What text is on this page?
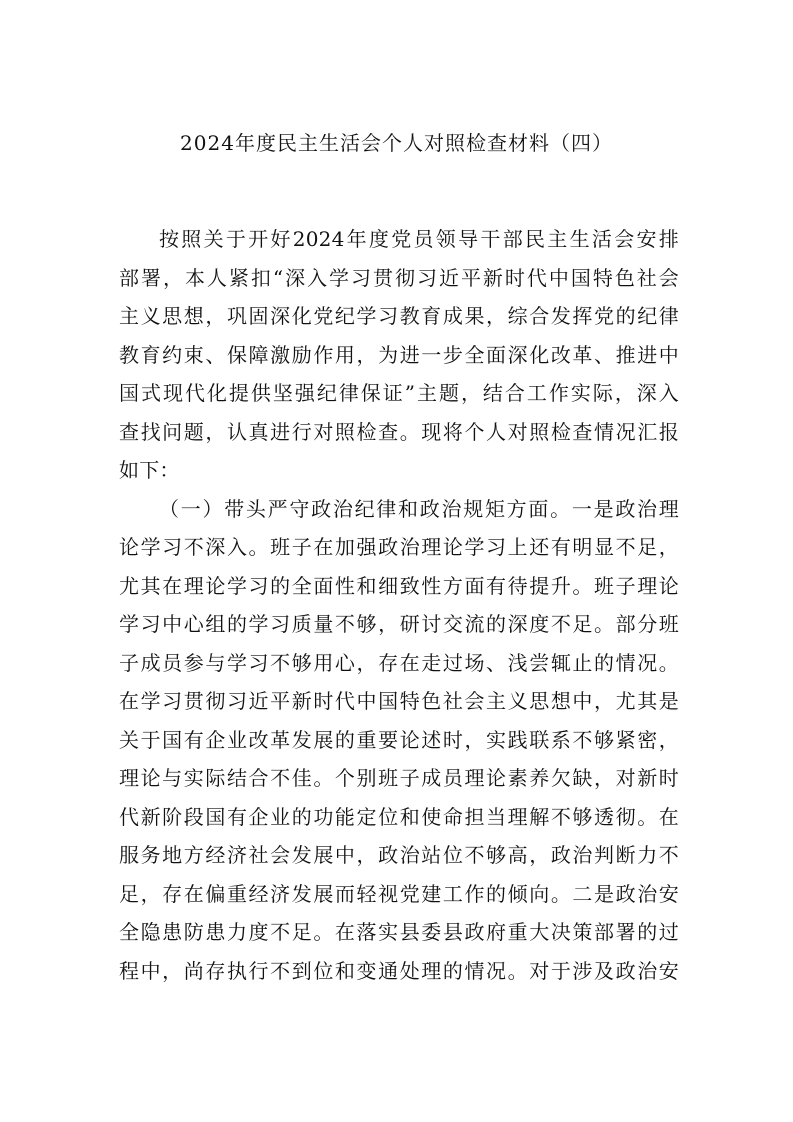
2024年度民主生活会个人对照检查材料（四）
按照关于开好2024年度党员领导干部民主生活会安排
部署，本人紧扣“深入学习贯彻习近平新时代中国特色社会
主义思想，巩固深化党纪学习教育成果，综合发挥党的纪律
教育约束、保障激励作用，为进一步全面深化改革、推进中
国式现代化提供坚强纪律保证”主题，结合工作实际，深入
查找问题，认真进行对照检查。现将个人对照检查情况汇报
如下：
（一）带头严守政治纪律和政治规矩方面。一是政治理
论学习不深入。班子在加强政治理论学习上还有明显不足，
尤其在理论学习的全面性和细致性方面有待提升。班子理论
学习中心组的学习质量不够，研讨交流的深度不足。部分班
子成员参与学习不够用心，存在走过场、浅尝辄止的情况。
在学习贯彻习近平新时代中国特色社会主义思想中，尤其是
关于国有企业改革发展的重要论述时，实践联系不够紧密，
理论与实际结合不佳。个别班子成员理论素养欠缺，对新时
代新阶段国有企业的功能定位和使命担当理解不够透彻。在
服务地方经济社会发展中，政治站位不够高，政治判断力不
足，存在偏重经济发展而轻视党建工作的倾向。二是政治安
全隐患防患力度不足。在落实县委县政府重大决策部署的过
程中，尚存执行不到位和变通处理的情况。对于涉及政治安
